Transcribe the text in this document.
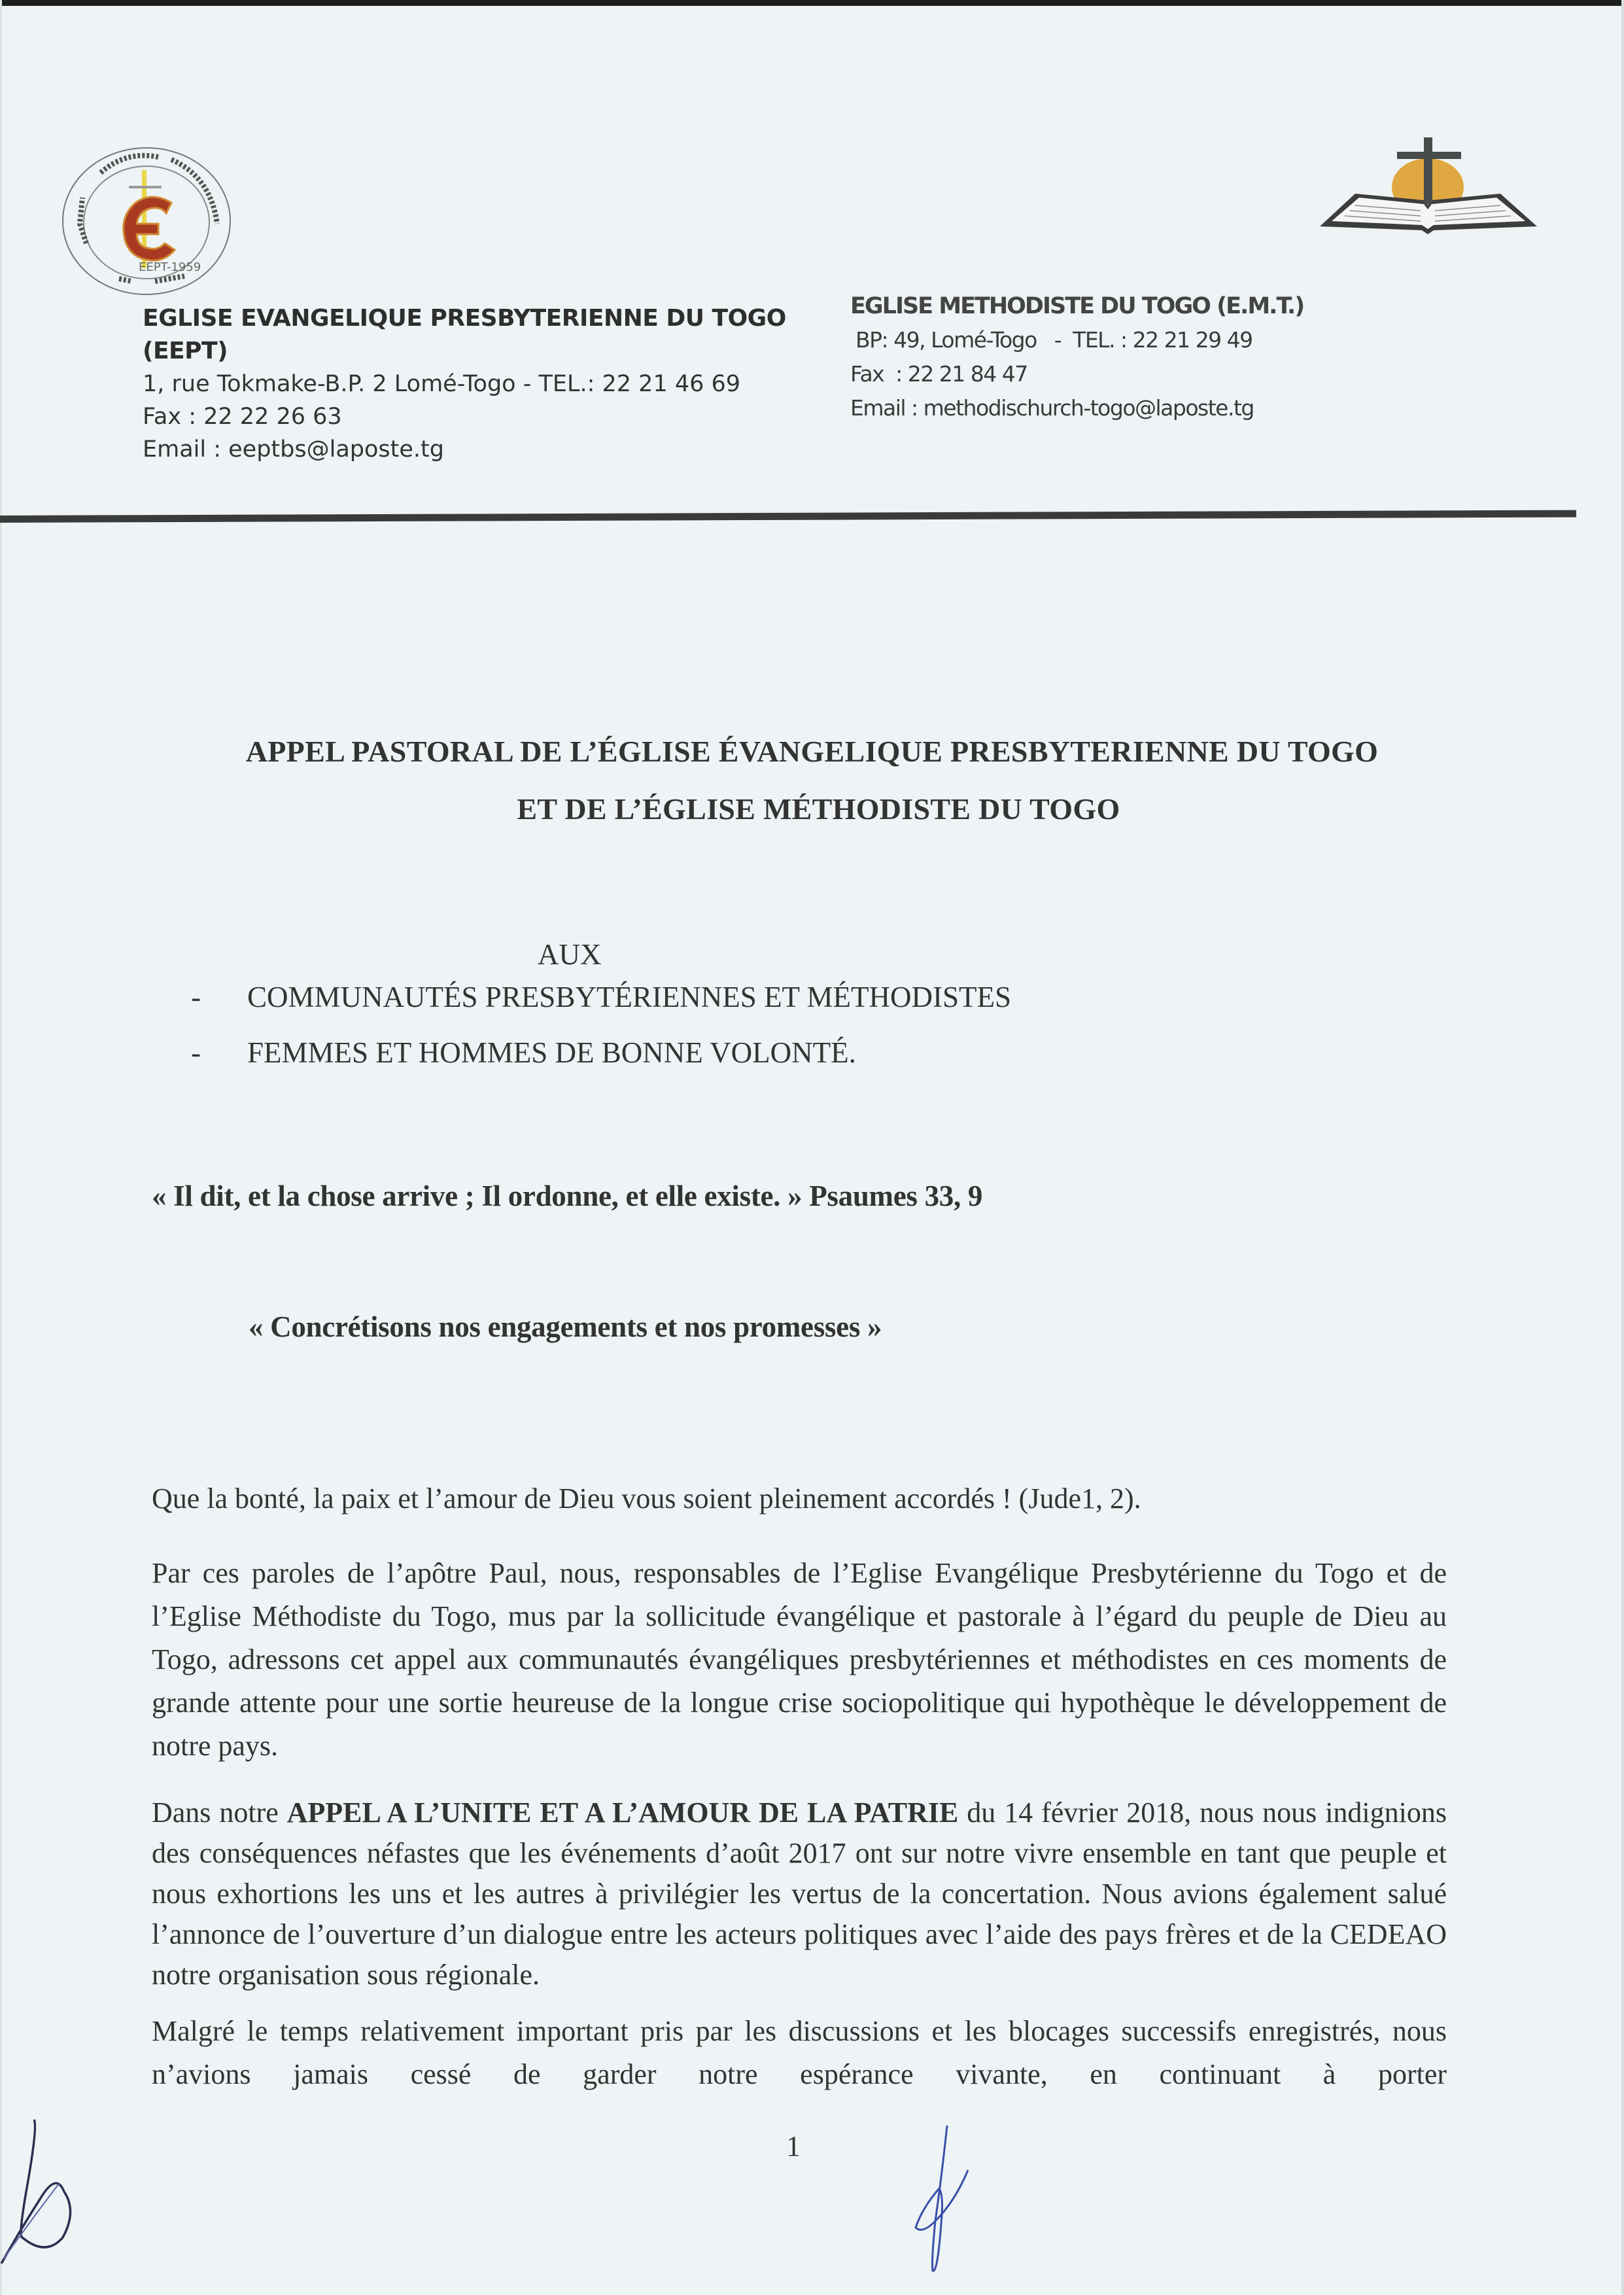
EEPT-1959
EGLISE EVANGELIQUE PRESBYTERIENNE DU TOGO
(EEPT)
1, rue Tokmake-B.P. 2 Lomé-Togo - TEL.: 22 21 46 69
Fax : 22 22 26 63
Email : eeptbs@laposte.tg
EGLISE METHODISTE DU TOGO (E.M.T.)
BP: 49, Lomé-Togo   -  TEL. : 22 21 29 49
Fax  : 22 21 84 47
Email : methodischurch-togo@laposte.tg
APPEL PASTORAL DE L’ÉGLISE ÉVANGELIQUE PRESBYTERIENNE DU TOGO
ET DE L’ÉGLISE MÉTHODISTE DU TOGO
AUX
- COMMUNAUTÉS PRESBYTÉRIENNES ET MÉTHODISTES
- FEMMES ET HOMMES DE BONNE VOLONTÉ.
« Il dit, et la chose arrive ; Il ordonne, et elle existe. » Psaumes 33, 9
« Concrétisons nos engagements et nos promesses »

Que la bonté, la paix et l’amour de Dieu vous soient pleinement accordés ! (Jude1, 2).

Par ces paroles de l’apôtre Paul, nous, responsables de l’Eglise Evangélique Presbytérienne du Togo et de l’Eglise Méthodiste du Togo, mus par la sollicitude évangélique et pastorale à l’égard du peuple de Dieu au Togo, adressons cet appel aux communautés évangéliques presbytériennes et méthodistes en ces moments de grande attente pour une sortie heureuse de la longue crise sociopolitique qui hypothèque le développement de notre pays.

Dans notre APPEL A L’UNITE ET A L’AMOUR DE LA PATRIE du 14 février 2018, nous nous indignions des conséquences néfastes que les événements d’août 2017 ont sur notre vivre ensemble en tant que peuple et nous exhortions les uns et les autres à privilégier les vertus de la concertation. Nous avions également salué l’annonce de l’ouverture d’un dialogue entre les acteurs politiques avec l’aide des pays frères et de la CEDEAO notre organisation sous régionale.

Malgré le temps relativement important pris par les discussions et les blocages successifs enregistrés, nous n’avions jamais cessé de garder notre espérance vivante, en continuant à porter

1
